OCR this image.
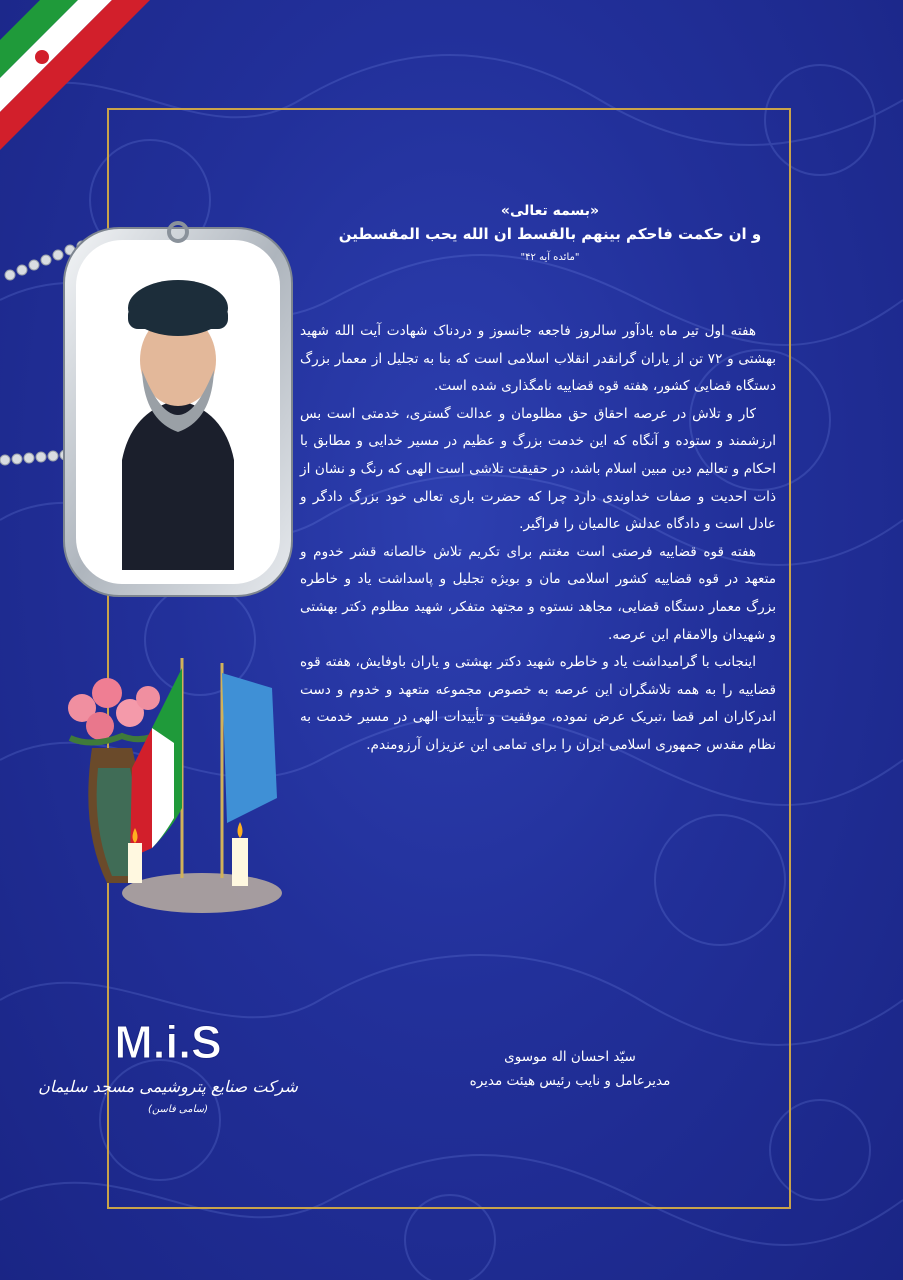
M.i.S
شرکت صنایع پتروشیمی مسجد سلیمان
(سامی فاسن)

«بسمه تعالی»

و ان حکمت فاحکم بینهم بالقسط ان الله یحب المقسطین

"مائده آیه ۴۲"

هفته اول تیر ماه یادآور سالروز فاجعه جانسوز و دردناک شهادت آیت الله شهید بهشتی و ۷۲ تن از یاران گرانقدر انقلاب اسلامی است که بنا به تجلیل از معمار بزرگ دستگاه قضایی کشور، هفته قوه قضاییه نامگذاری شده است.

کار و تلاش در عرصه احقاق حق مظلومان و عدالت گستری، خدمتی است بس ارزشمند و ستوده و آنگاه که این خدمت بزرگ و عظیم در مسیر خدایی و مطابق با احکام و تعالیم دین مبین اسلام باشد، در حقیقت تلاشی است الهی که رنگ و نشان از ذات احدیت و صفات خداوندی دارد چرا که حضرت باری تعالی خود بزرگ دادگر و عادل است و دادگاه عدلش عالمیان را فراگیر.

هفته قوه قضاییه فرصتی است مغتنم برای تکریم تلاش خالصانه قشر خدوم و متعهد در قوه قضاییه کشور اسلامی مان و بویژه تجلیل و پاسداشت یاد و خاطره بزرگ معمار دستگاه قضایی، مجاهد نستوه و مجتهد متفکر، شهید مظلوم دکتر بهشتی و شهیدان والامقام این عرصه.

اینجانب با گرامیداشت یاد و خاطره شهید دکتر بهشتی و یاران باوفایش، هفته قوه قضاییه را به همه تلاشگران این عرصه به خصوص مجموعه متعهد و خدوم و دست اندرکاران امر قضا ،تبریک عرض نموده، موفقیت و تأییدات الهی در مسیر خدمت به نظام مقدس جمهوری اسلامی ایران را برای تمامی این عزیزان آرزومندم.

سیّد احسان اله موسوی
مدیرعامل و نایب رئیس هیئت مدیره
